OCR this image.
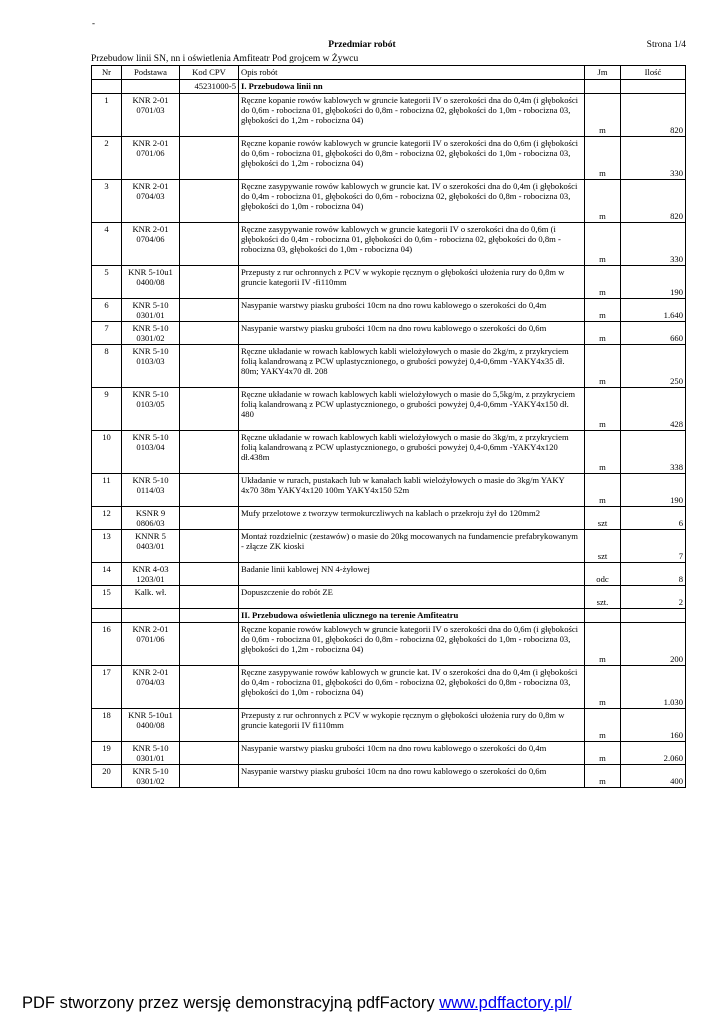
-
Przedmiar robót	Strona 1/4
Przebudow linii SN, nn i oświetlenia Amfiteatr Pod grojcem w Żywcu
Nr	Podstawa	Kod CPV	Opis robót	Jm	Ilość
		45231000-5	I. Przebudowa linii nn		
1	KNR 2-01
0701/03		Ręczne kopanie rowów kablowych w gruncie kategorii IV o szerokości dna do 0,4m (i głębokości do 0,6m - robocizna 01, głębokości do 0,8m - robocizna 02, głębokości do 1,0m - robocizna 03, głębokości do 1,2m - robocizna 04)	m	820
2	KNR 2-01
0701/06		Ręczne kopanie rowów kablowych w gruncie kategorii IV o szerokości dna do 0,6m (i głębokości do 0,6m - robocizna 01, głębokości do 0,8m - robocizna 02, głębokości do 1,0m - robocizna 03, głębokości do 1,2m - robocizna 04)	m	330
3	KNR 2-01
0704/03		Ręczne zasypywanie rowów kablowych w gruncie kat. IV o szerokości dna do 0,4m (i głębokości do 0,4m - robocizna 01, głębokości do 0,6m - robocizna 02, głębokości do 0,8m - robocizna 03, głębokości do 1,0m - robocizna 04)	m	820
4	KNR 2-01
0704/06		Ręczne zasypywanie rowów kablowych w gruncie kategorii IV o szerokości dna do 0,6m (i głębokości do 0,4m - robocizna 01, głębokości do 0,6m - robocizna 02, głębokości do 0,8m - robocizna 03, głębokości do 1,0m - robocizna 04)	m	330
5	KNR 5-10u1
0400/08		Przepusty z rur ochronnych z PCV w wykopie ręcznym o głębokości ułożenia rury do 0,8m w gruncie kategorii IV -fi110mm	m	190
6	KNR 5-10
0301/01		Nasypanie warstwy piasku grubości 10cm na dno rowu kablowego o szerokości do 0,4m	m	1.640
7	KNR 5-10
0301/02		Nasypanie warstwy piasku grubości 10cm na dno rowu kablowego o szerokości do 0,6m	m	660
8	KNR 5-10
0103/03		Ręczne układanie w rowach kablowych kabli wielożyłowych o masie do 2kg/m, z przykryciem folią kalandrowaną z PCW uplastycznionego, o grubości powyżej 0,4-0,6mm -YAKY4x35 dł. 80m; YAKY4x70 dł. 208	m	250
9	KNR 5-10
0103/05		Ręczne układanie w rowach kablowych kabli wielożyłowych o masie do 5,5kg/m, z przykryciem folią kalandrowaną z PCW uplastycznionego, o grubości powyżej 0,4-0,6mm -YAKY4x150 dł. 480	m	428
10	KNR 5-10
0103/04		Ręczne układanie w rowach kablowych kabli wielożyłowych o masie do 3kg/m, z przykryciem folią kalandrowaną z PCW uplastycznionego, o grubości powyżej 0,4-0,6mm -YAKY4x120 dł.438m	m	338
11	KNR 5-10
0114/03		Układanie w rurach, pustakach lub w kanałach kabli wielożyłowych o masie do 3kg/m YAKY 4x70 38m YAKY4x120 100m YAKY4x150 52m	m	190
12	KSNR 9
0806/03		Mufy przelotowe z tworzyw termokurczliwych na kablach o przekroju żył do 120mm2	szt	6
13	KNNR 5
0403/01		Montaż rozdzielnic (zestawów) o masie do 20kg mocowanych na fundamencie prefabrykowanym - złącze ZK kioski	szt	7
14	KNR 4-03
1203/01		Badanie linii kablowej NN 4-żyłowej	odc	8
15	Kalk. wł.		Dopuszczenie do robót ZE	szt.	2
			II. Przebudowa oświetlenia ulicznego na terenie Amfiteatru		
16	KNR 2-01
0701/06		Ręczne kopanie rowów kablowych w gruncie kategorii IV o szerokości dna do 0,6m (i głębokości do 0,6m - robocizna 01, głębokości do 0,8m - robocizna 02, głębokości do 1,0m - robocizna 03, głębokości do 1,2m - robocizna 04)	m	200
17	KNR 2-01
0704/03		Ręczne zasypywanie rowów kablowych w gruncie kat. IV o szerokości dna do 0,4m (i głębokości do 0,4m - robocizna 01, głębokości do 0,6m - robocizna 02, głębokości do 0,8m - robocizna 03, głębokości do 1,0m - robocizna 04)	m	1.030
18	KNR 5-10u1
0400/08		Przepusty z rur ochronnych z PCV w wykopie ręcznym o głębokości ułożenia rury do 0,8m w gruncie kategorii IV fi110mm	m	160
19	KNR 5-10
0301/01		Nasypanie warstwy piasku grubości 10cm na dno rowu kablowego o szerokości do 0,4m	m	2.060
20	KNR 5-10
0301/02		Nasypanie warstwy piasku grubości 10cm na dno rowu kablowego o szerokości do 0,6m	m	400
PDF stworzony przez wersję demonstracyjną pdfFactory www.pdffactory.pl/
